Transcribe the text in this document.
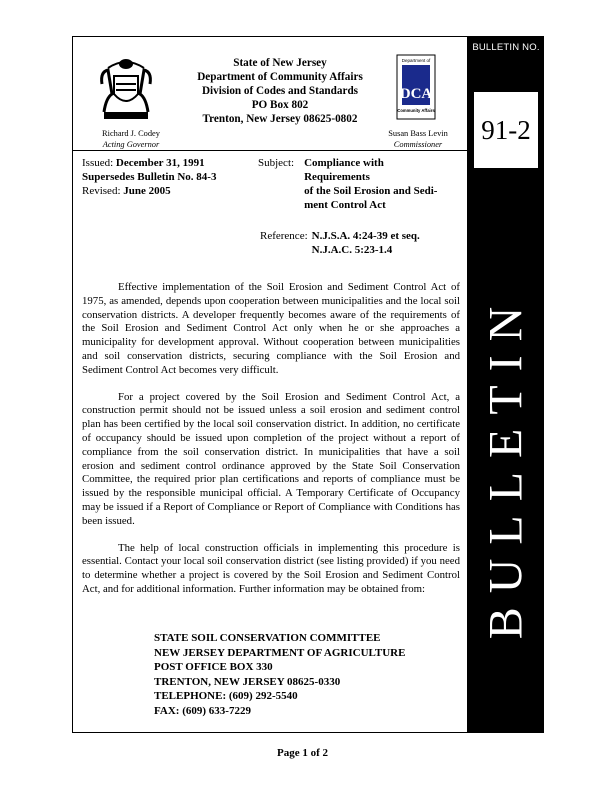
State of New Jersey
Department of Community Affairs
Division of Codes and Standards
PO Box 802
Trenton, New Jersey 08625-0802
Department of
DCA
Community Affairs
Richard J. Codey
Acting Governor
Susan Bass Levin
Commissioner
Issued: December 31, 1991
Supersedes Bulletin No. 84-3
Revised: June 2005
Subject: Compliance with Requirements
of the Soil Erosion and Sedi-
ment Control Act
Reference: N.J.S.A. 4:24-39 et seq.
N.J.A.C. 5:23-1.4

Effective implementation of the Soil Erosion and Sediment Control Act of 1975, as amended, depends upon cooperation between municipalities and the local soil conservation districts. A developer frequently becomes aware of the requirements of the Soil Erosion and Sediment Control Act only when he or she approaches a municipality for development approval. Without cooperation between municipalities and soil conservation districts, securing compliance with the Soil Erosion and Sediment Control Act becomes very difficult.

For a project covered by the Soil Erosion and Sediment Control Act, a construction permit should not be issued unless a soil erosion and sediment control plan has been certified by the local soil conservation district. In addition, no certificate of occupancy should be issued upon completion of the project without a report of compliance from the soil conservation district. In municipalities that have a soil erosion and sediment control ordinance approved by the State Soil Conservation Committee, the required prior plan certifications and reports of compliance must be issued by the responsible municipal official. A Temporary Certificate of Occupancy may be issued if a Report of Compliance or Report of Compliance with Conditions has been issued.

The help of local construction officials in implementing this procedure is essential. Contact your local soil conservation district (see listing provided) if you need to determine whether a project is covered by the Soil Erosion and Sediment Control Act, and for additional information. Further information may be obtained from:

STATE SOIL CONSERVATION COMMITTEE
NEW JERSEY DEPARTMENT OF AGRICULTURE
POST OFFICE BOX 330
TRENTON, NEW JERSEY 08625-0330
TELEPHONE: (609) 292-5540
FAX: (609) 633-7229
BULLETIN NO.
91-2
BULLETIN
Page 1 of 2
